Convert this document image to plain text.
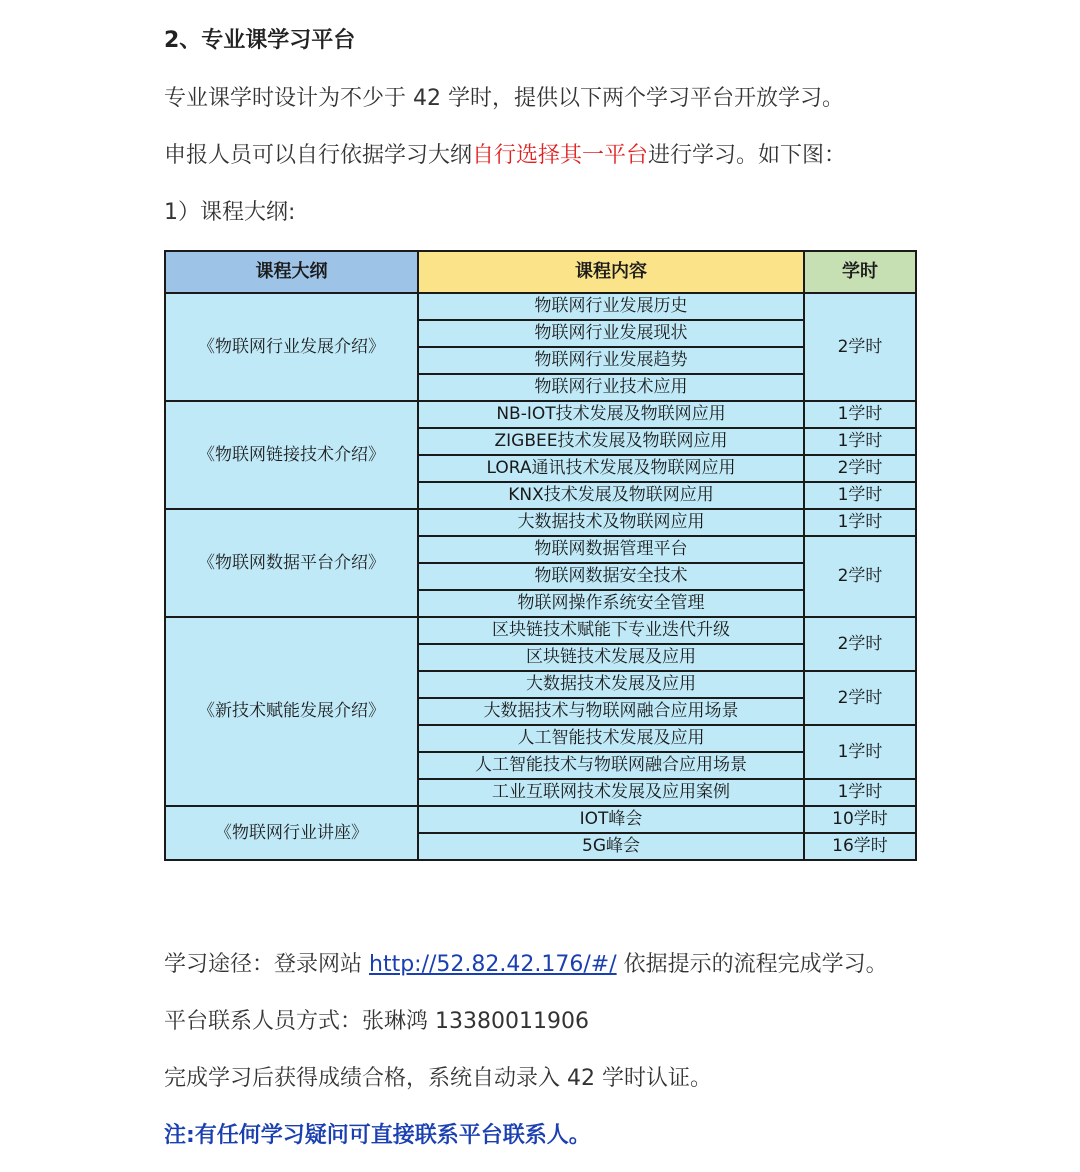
2、专业课学习平台
专业课学时设计为不少于 42 学时，提供以下两个学习平台开放学习。
申报人员可以自行依据学习大纲自行选择其一平台进行学习。如下图：
1）课程大纲:
课程大纲	课程内容	学时
《物联网行业发展介绍》	物联网行业发展历史	2学时
	物联网行业发展现状	
	物联网行业发展趋势	
	物联网行业技术应用	
《物联网链接技术介绍》	NB-IOT技术发展及物联网应用	1学时
	ZIGBEE技术发展及物联网应用	1学时
	LORA通讯技术发展及物联网应用	2学时
	KNX技术发展及物联网应用	1学时
《物联网数据平台介绍》	大数据技术及物联网应用	1学时
	物联网数据管理平台	2学时
	物联网数据安全技术	
	物联网操作系统安全管理	
《新技术赋能发展介绍》	区块链技术赋能下专业迭代升级	2学时
	区块链技术发展及应用	
	大数据技术发展及应用	2学时
	大数据技术与物联网融合应用场景	
	人工智能技术发展及应用	1学时
	人工智能技术与物联网融合应用场景	
	工业互联网技术发展及应用案例	1学时
《物联网行业讲座》	IOT峰会	10学时
	5G峰会	16学时
学习途径：登录网站 http://52.82.42.176/#/ 依据提示的流程完成学习。
平台联系人员方式：张琳鸿 13380011906
完成学习后获得成绩合格，系统自动录入 42 学时认证。
注:有任何学习疑问可直接联系平台联系人。
